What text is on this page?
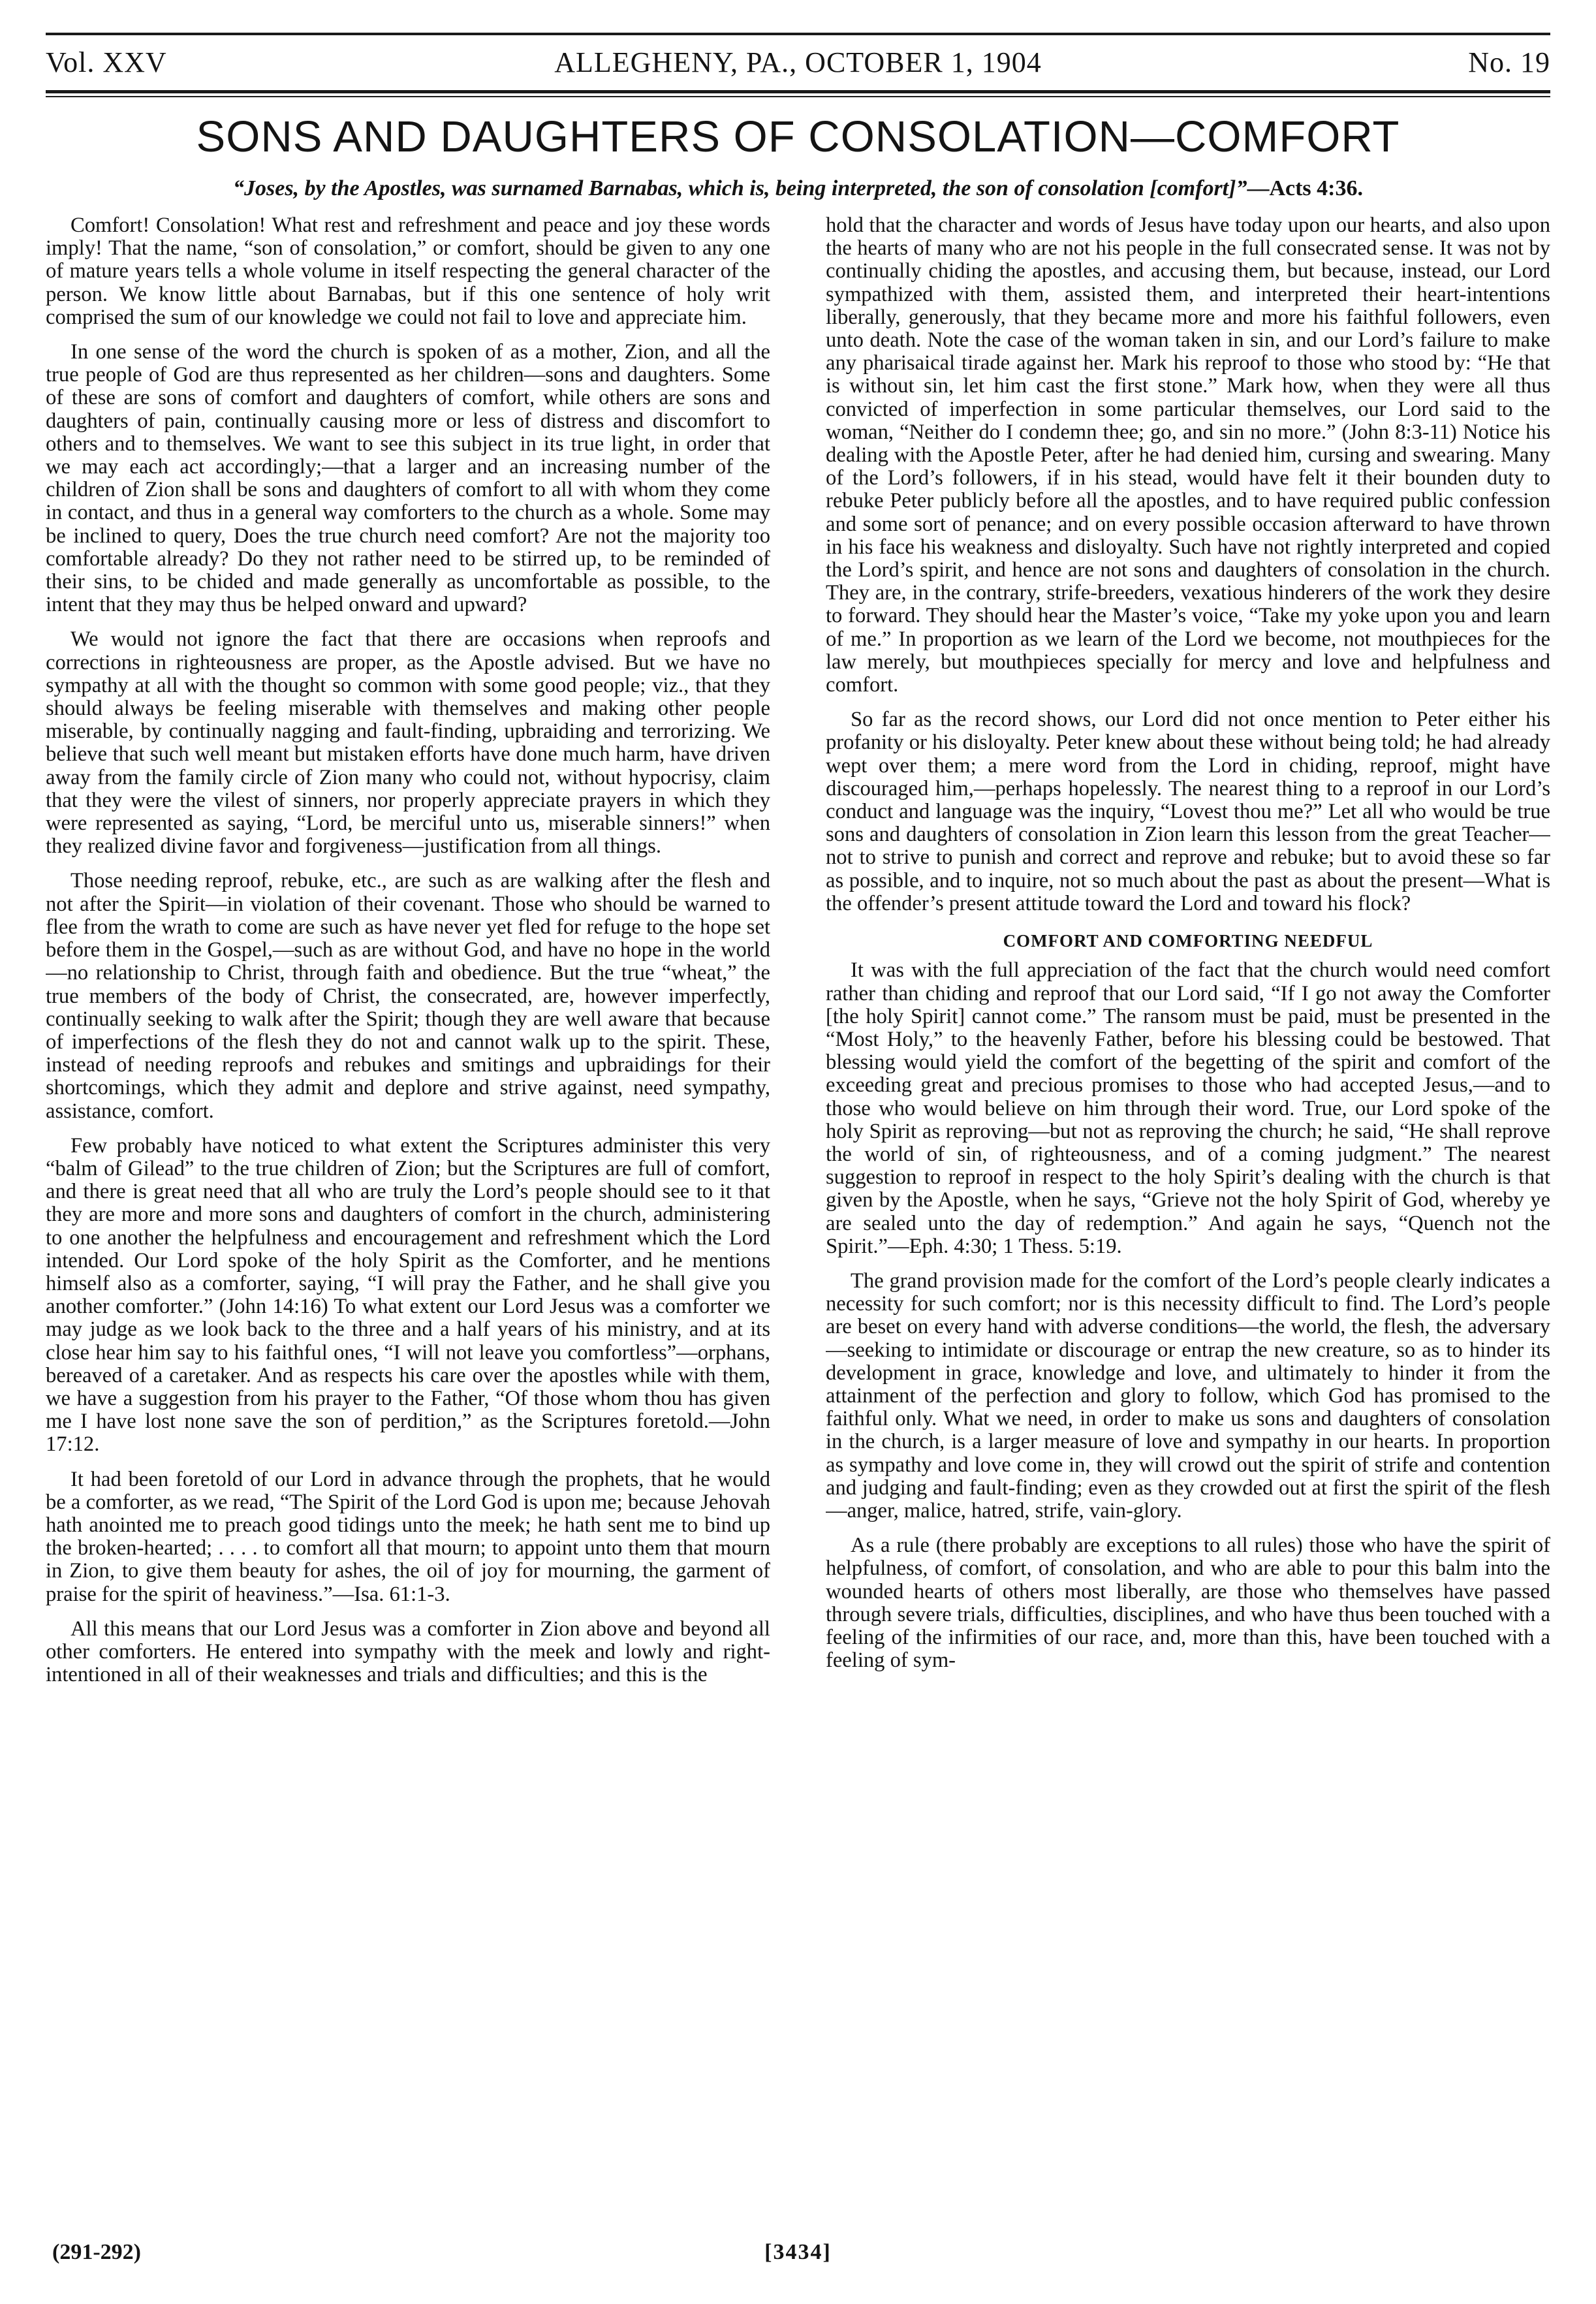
Vol. XXV	ALLEGHENY, PA., OCTOBER 1, 1904	No. 19
SONS AND DAUGHTERS OF CONSOLATION—COMFORT
“Joses, by the Apostles, was surnamed Barnabas, which is, being interpreted, the son of consolation [comfort]”—Acts 4:36.

Comfort! Consolation! What rest and refreshment and peace and joy these words imply! That the name, “son of consolation,” or comfort, should be given to any one of mature years tells a whole volume in itself respecting the general character of the person. We know little about Barnabas, but if this one sentence of holy writ comprised the sum of our knowledge we could not fail to love and appreciate him.

In one sense of the word the church is spoken of as a mother, Zion, and all the true people of God are thus represented as her children—sons and daughters. Some of these are sons of comfort and daughters of comfort, while others are sons and daughters of pain, continually causing more or less of distress and discomfort to others and to themselves. We want to see this subject in its true light, in order that we may each act accordingly;—that a larger and an increasing number of the children of Zion shall be sons and daughters of comfort to all with whom they come in contact, and thus in a general way comforters to the church as a whole. Some may be inclined to query, Does the true church need comfort? Are not the majority too comfortable already? Do they not rather need to be stirred up, to be reminded of their sins, to be chided and made generally as uncomfortable as possible, to the intent that they may thus be helped onward and upward?

We would not ignore the fact that there are occasions when reproofs and corrections in righteousness are proper, as the Apostle advised. But we have no sympathy at all with the thought so common with some good people; viz., that they should always be feeling miserable with themselves and making other people miserable, by continually nagging and fault-finding, upbraiding and terrorizing. We believe that such well meant but mistaken efforts have done much harm, have driven away from the family circle of Zion many who could not, without hypocrisy, claim that they were the vilest of sinners, nor properly appreciate prayers in which they were represented as saying, “Lord, be merciful unto us, miserable sinners!” when they realized divine favor and forgiveness—justification from all things.

Those needing reproof, rebuke, etc., are such as are walking after the flesh and not after the Spirit—in violation of their covenant. Those who should be warned to flee from the wrath to come are such as have never yet fled for refuge to the hope set before them in the Gospel,—such as are without God, and have no hope in the world—no relationship to Christ, through faith and obedience. But the true “wheat,” the true members of the body of Christ, the consecrated, are, however imperfectly, continually seeking to walk after the Spirit; though they are well aware that because of imperfections of the flesh they do not and cannot walk up to the spirit. These, instead of needing reproofs and rebukes and smitings and upbraidings for their shortcomings, which they admit and deplore and strive against, need sympathy, assistance, comfort.

Few probably have noticed to what extent the Scriptures administer this very “balm of Gilead” to the true children of Zion; but the Scriptures are full of comfort, and there is great need that all who are truly the Lord’s people should see to it that they are more and more sons and daughters of comfort in the church, administering to one another the helpfulness and encouragement and refreshment which the Lord intended. Our Lord spoke of the holy Spirit as the Comforter, and he mentions himself also as a comforter, saying, “I will pray the Father, and he shall give you another comforter.” (John 14:16) To what extent our Lord Jesus was a comforter we may judge as we look back to the three and a half years of his ministry, and at its close hear him say to his faithful ones, “I will not leave you comfortless”—orphans, bereaved of a caretaker. And as respects his care over the apostles while with them, we have a suggestion from his prayer to the Father, “Of those whom thou has given me I have lost none save the son of perdition,” as the Scriptures foretold.—John 17:12.

It had been foretold of our Lord in advance through the prophets, that he would be a comforter, as we read, “The Spirit of the Lord God is upon me; because Jehovah hath anointed me to preach good tidings unto the meek; he hath sent me to bind up the broken-hearted; . . . . to comfort all that mourn; to appoint unto them that mourn in Zion, to give them beauty for ashes, the oil of joy for mourning, the garment of praise for the spirit of heaviness.”—Isa. 61:1-3.

All this means that our Lord Jesus was a comforter in Zion above and beyond all other comforters. He entered into sympathy with the meek and lowly and right-intentioned in all of their weaknesses and trials and difficulties; and this is the

hold that the character and words of Jesus have today upon our hearts, and also upon the hearts of many who are not his people in the full consecrated sense. It was not by continually chiding the apostles, and accusing them, but because, instead, our Lord sympathized with them, assisted them, and interpreted their heart-intentions liberally, generously, that they became more and more his faithful followers, even unto death. Note the case of the woman taken in sin, and our Lord’s failure to make any pharisaical tirade against her. Mark his reproof to those who stood by: “He that is without sin, let him cast the first stone.” Mark how, when they were all thus convicted of imperfection in some particular themselves, our Lord said to the woman, “Neither do I condemn thee; go, and sin no more.” (John 8:3-11) Notice his dealing with the Apostle Peter, after he had denied him, cursing and swearing. Many of the Lord’s followers, if in his stead, would have felt it their bounden duty to rebuke Peter publicly before all the apostles, and to have required public confession and some sort of penance; and on every possible occasion afterward to have thrown in his face his weakness and disloyalty. Such have not rightly interpreted and copied the Lord’s spirit, and hence are not sons and daughters of consolation in the church. They are, in the contrary, strife-breeders, vexatious hinderers of the work they desire to forward. They should hear the Master’s voice, “Take my yoke upon you and learn of me.” In proportion as we learn of the Lord we become, not mouthpieces for the law merely, but mouthpieces specially for mercy and love and helpfulness and comfort.

So far as the record shows, our Lord did not once mention to Peter either his profanity or his disloyalty. Peter knew about these without being told; he had already wept over them; a mere word from the Lord in chiding, reproof, might have discouraged him,—perhaps hopelessly. The nearest thing to a reproof in our Lord’s conduct and language was the inquiry, “Lovest thou me?” Let all who would be true sons and daughters of consolation in Zion learn this lesson from the great Teacher—not to strive to punish and correct and reprove and rebuke; but to avoid these so far as possible, and to inquire, not so much about the past as about the present—What is the offender’s present attitude toward the Lord and toward his flock?

COMFORT AND COMFORTING NEEDFUL

It was with the full appreciation of the fact that the church would need comfort rather than chiding and reproof that our Lord said, “If I go not away the Comforter [the holy Spirit] cannot come.” The ransom must be paid, must be presented in the “Most Holy,” to the heavenly Father, before his blessing could be bestowed. That blessing would yield the comfort of the begetting of the spirit and comfort of the exceeding great and precious promises to those who had accepted Jesus,—and to those who would believe on him through their word. True, our Lord spoke of the holy Spirit as reproving—but not as reproving the church; he said, “He shall reprove the world of sin, of righteousness, and of a coming judgment.” The nearest suggestion to reproof in respect to the holy Spirit’s dealing with the church is that given by the Apostle, when he says, “Grieve not the holy Spirit of God, whereby ye are sealed unto the day of redemption.” And again he says, “Quench not the Spirit.”—Eph. 4:30; 1 Thess. 5:19.

The grand provision made for the comfort of the Lord’s people clearly indicates a necessity for such comfort; nor is this necessity difficult to find. The Lord’s people are beset on every hand with adverse conditions—the world, the flesh, the adversary—seeking to intimidate or discourage or entrap the new creature, so as to hinder its development in grace, knowledge and love, and ultimately to hinder it from the attainment of the perfection and glory to follow, which God has promised to the faithful only. What we need, in order to make us sons and daughters of consolation in the church, is a larger measure of love and sympathy in our hearts. In proportion as sympathy and love come in, they will crowd out the spirit of strife and contention and judging and fault-finding; even as they crowded out at first the spirit of the flesh—anger, malice, hatred, strife, vain-glory.

As a rule (there probably are exceptions to all rules) those who have the spirit of helpfulness, of comfort, of consolation, and who are able to pour this balm into the wounded hearts of others most liberally, are those who themselves have passed through severe trials, difficulties, disciplines, and who have thus been touched with a feeling of the infirmities of our race, and, more than this, have been touched with a feeling of sym-

(291-292)	[3434]
